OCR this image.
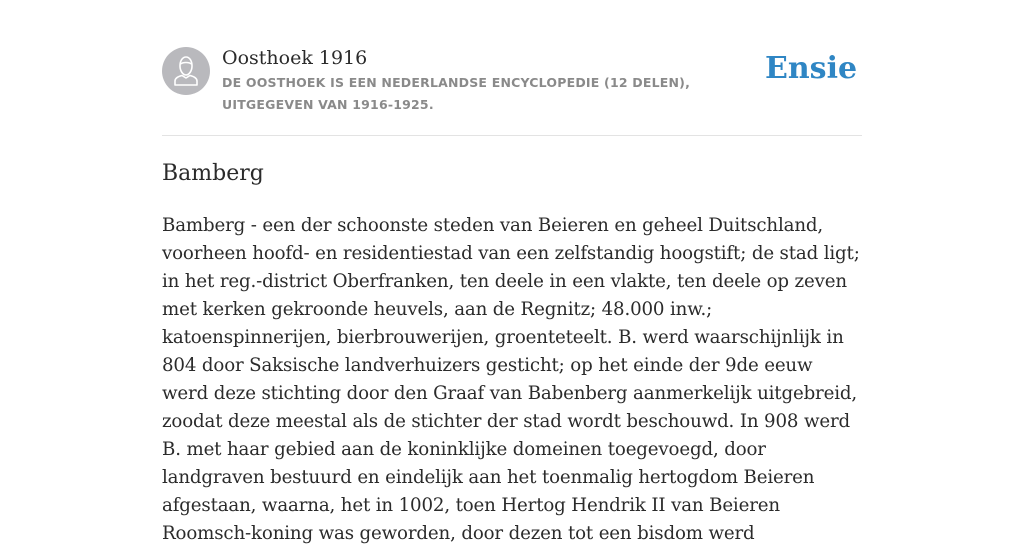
Oosthoek 1916
DE OOSTHOEK IS EEN NEDERLANDSE ENCYCLOPEDIE (12 DELEN), UITGEGEVEN VAN 1916-1925.
Ensie
Bamberg

Bamberg - een der schoonste steden van Beieren en geheel Duitschland, voorheen hoofd- en residentiestad van een zelfstandig hoogstift; de stad ligt; in het reg.-district Oberfranken, ten deele in een vlakte, ten deele op zeven met kerken gekroonde heuvels, aan de Regnitz; 48.000 inw.; katoenspinnerijen, bierbrouwerijen, groenteteelt. B. werd waarschijnlijk in 804 door Saksische landverhuizers gesticht; op het einde der 9de eeuw werd deze stichting door den Graaf van Babenberg aanmerkelijk uitgebreid, zoodat deze meestal als de stichter der stad wordt beschouwd. In 908 werd B. met haar gebied aan de koninklijke domeinen toegevoegd, door landgraven bestuurd en eindelijk aan het toenmalig hertogdom Beieren afgestaan, waarna, het in 1002, toen Hertog Hendrik II van Beieren Roomsch-koning was geworden, door dezen tot een bisdom werd
